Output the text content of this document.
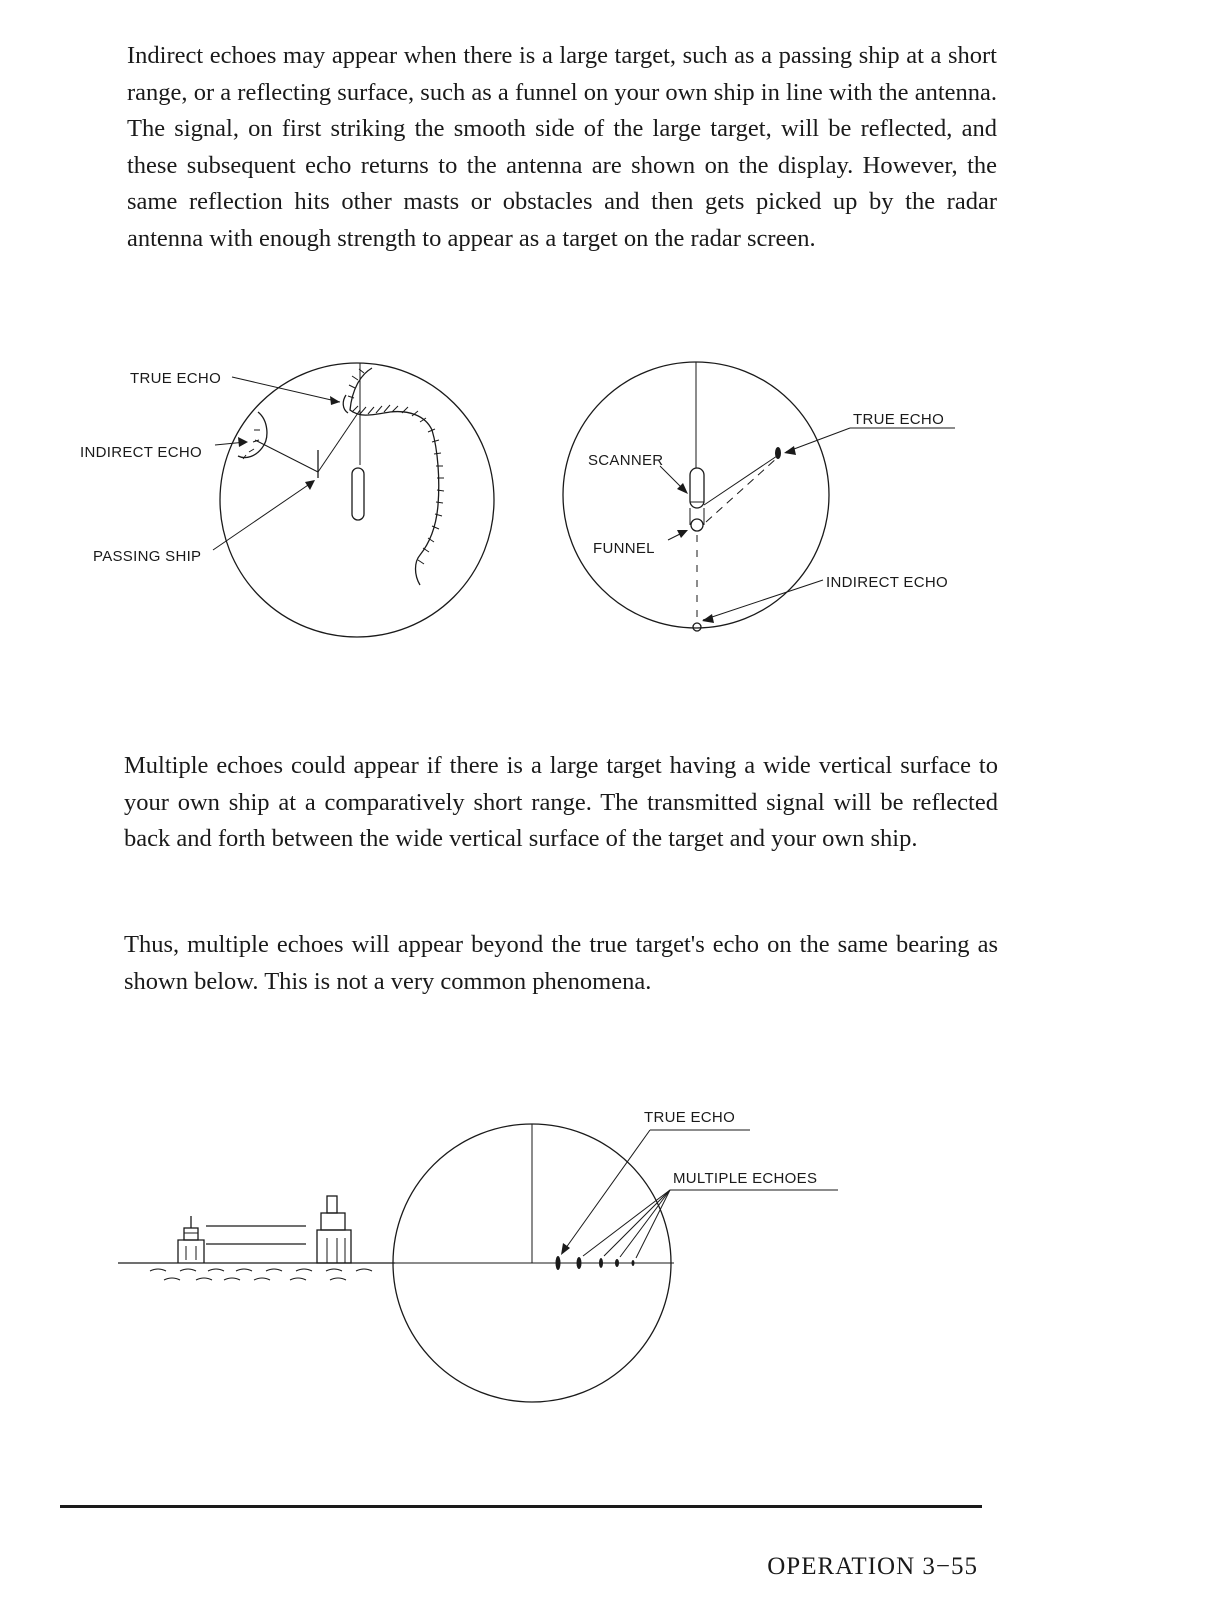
Indirect echoes may appear when there is a large target, such as a passing ship at a short range, or a reflecting surface, such as a funnel on your own ship in line with the antenna. The signal, on first striking the smooth side of the large target, will be reflected, and these subsequent echo returns to the antenna are shown on the display. However, the same reflection hits other masts or obstacles and then gets picked up by the radar antenna with enough strength to appear as a target on the radar screen.

TRUE ECHO
INDIRECT ECHO
PASSING SHIP
TRUE ECHO
SCANNER
FUNNEL
INDIRECT ECHO

Multiple echoes could appear if there is a large target having a wide vertical surface to your own ship at a comparatively short range. The transmitted signal will be reflected back and forth between the wide vertical surface of the target and your own ship.

Thus, multiple echoes will appear beyond the true target's echo on the same bearing as shown below. This is not a very common phenomena.

TRUE ECHO
MULTIPLE ECHOES

OPERATION 3−55
